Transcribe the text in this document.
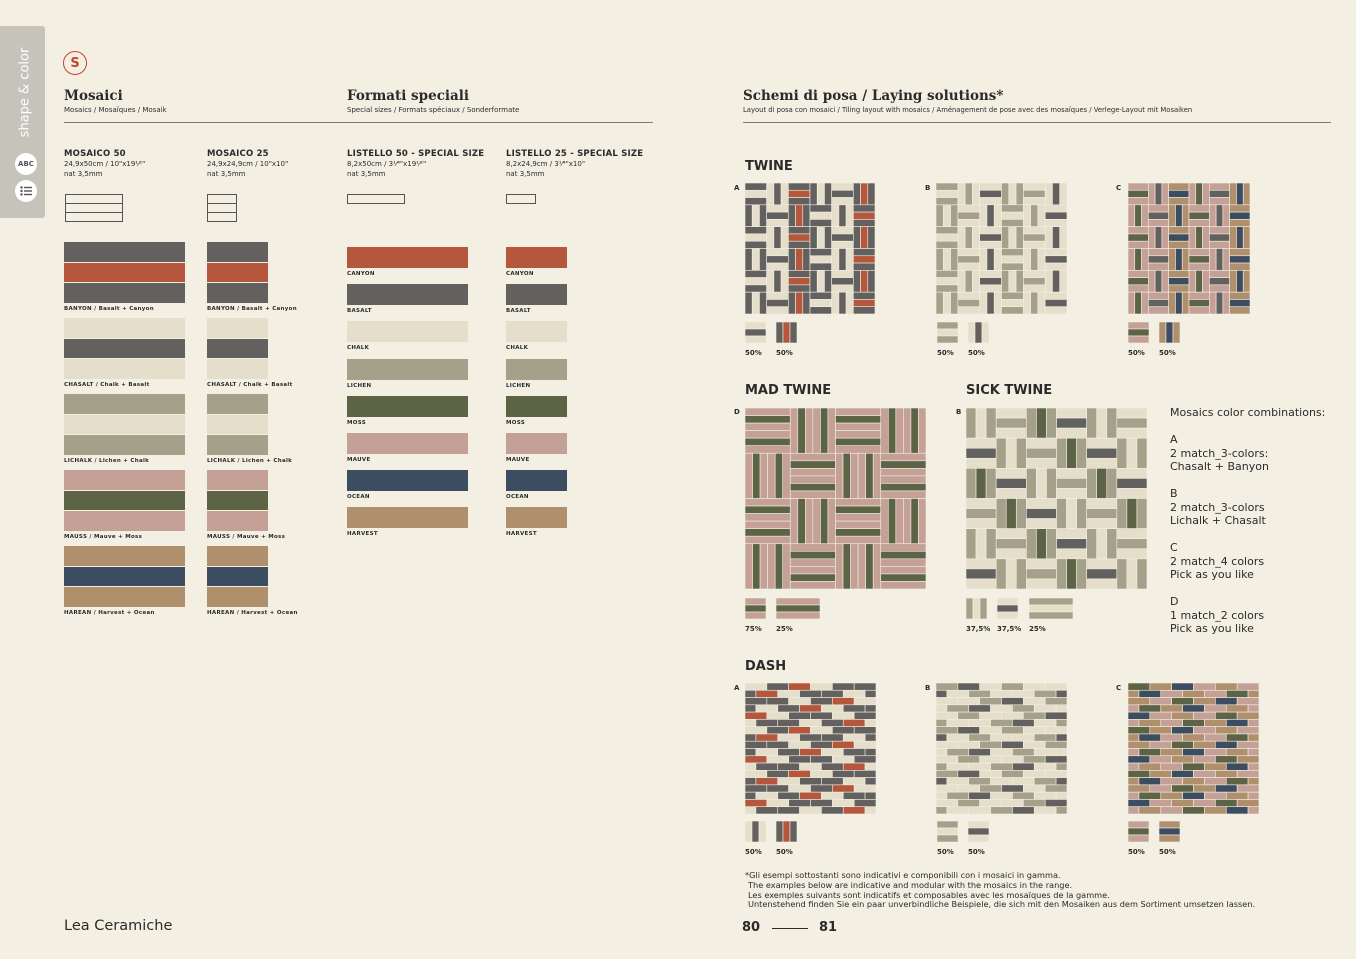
shape & color
ABC
S
Mosaici
Mosaics / Mosaïques / Mosaik
Formati speciali
Special sizes / Formats spéciaux / Sonderformate
Schemi di posa / Laying solutions*
Layout di posa con mosaici / Tiling layout with mosaics / Aménagement de pose avec des mosaïques / Verlege-Layout mit Mosaiken
MOSAICO 50
24,9x50cm / 10"x19¹⁄²"
nat 3,5mm
MOSAICO 25
24,9x24,9cm / 10"x10"
nat 3,5mm
LISTELLO 50 - SPECIAL SIZE
8,2x50cm / 3¹⁄⁴"x19¹⁄²"
nat 3,5mm
LISTELLO 25 - SPECIAL SIZE
8,2x24,9cm / 3¹⁄⁴"x10"
nat 3,5mm
BANYON / Basalt + Canyon
CHASALT / Chalk + Basalt
LICHALK / Lichen + Chalk
MAUSS / Mauve + Moss
HAREAN / Harvest + Ocean
BANYON / Basalt + Canyon
CHASALT / Chalk + Basalt
LICHALK / Lichen + Chalk
MAUSS / Mauve + Moss
HAREAN / Harvest + Ocean
CANYON
BASALT
CHALK
LICHEN
MOSS
MAUVE
OCEAN
HARVEST
CANYON
BASALT
CHALK
LICHEN
MOSS
MAUVE
OCEAN
HARVEST
TWINE
MAD TWINE	SICK TWINE
DASH
A	B	C
D	B
A	B	C
50% 50%	50% 50%	50% 50%
75% 25%	37,5% 37,5% 25%
50% 50%	50% 50%	50% 50%
Mosaics color combinations:
A
2 match_3-colors:
Chasalt + Banyon
B
2 match_3-colors
Lichalk + Chasalt
C
2 match_4 colors
Pick as you like
D
1 match_2 colors
Pick as you like
*Gli esempi sottostanti sono indicativi e componibili con i mosaici in gamma.
The examples below are indicative and modular with the mosaics in the range.
Les exemples suivants sont indicatifs et composables avec les mosaïques de la gamme.
Untenstehend finden Sie ein paar unverbindliche Beispiele, die sich mit den Mosaiken aus dem Sortiment umsetzen lassen.
Lea Ceramiche	80	81
